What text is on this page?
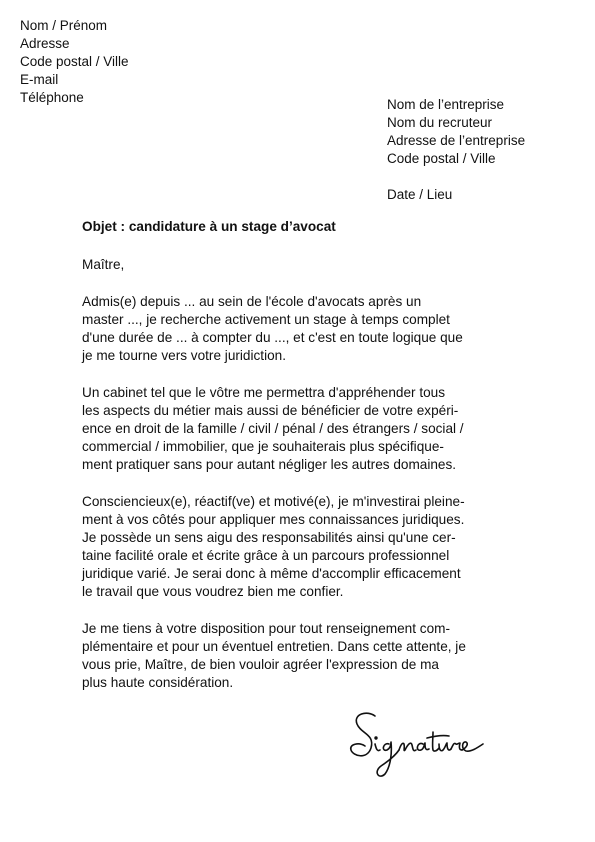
Nom / Prénom
Adresse
Code postal / Ville
E-mail
Téléphone	Nom de l’entreprise
Nom du recruteur
Adresse de l’entreprise
Code postal / Ville
Date / Lieu
Objet : candidature à un stage d’avocat
Maître,
Admis(e) depuis ... au sein de l'école d'avocats après un
master ..., je recherche activement un stage à temps complet
d'une durée de ... à compter du ..., et c'est en toute logique que
je me tourne vers votre juridiction.
Un cabinet tel que le vôtre me permettra d'appréhender tous
les aspects du métier mais aussi de bénéficier de votre expéri-
ence en droit de la famille / civil / pénal / des étrangers / social /
commercial / immobilier, que je souhaiterais plus spécifique-
ment pratiquer sans pour autant négliger les autres domaines.
Consciencieux(e), réactif(ve) et motivé(e), je m'investirai pleine-
ment à vos côtés pour appliquer mes connaissances juridiques.
Je possède un sens aigu des responsabilités ainsi qu'une cer-
taine facilité orale et écrite grâce à un parcours professionnel
juridique varié. Je serai donc à même d'accomplir efficacement
le travail que vous voudrez bien me confier.
Je me tiens à votre disposition pour tout renseignement com-
plémentaire et pour un éventuel entretien. Dans cette attente, je
vous prie, Maître, de bien vouloir agréer l'expression de ma
plus haute considération.
